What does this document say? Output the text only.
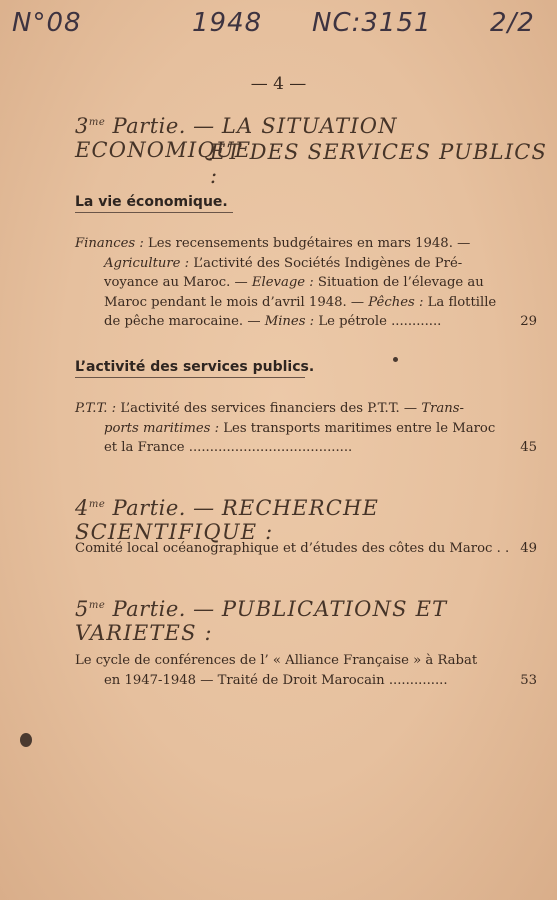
N°08	1948 NC:3151 2/2
— 4 —
$3^{me}$ Partie. — LA SITUATION ECONOMIQUE
ET DES SERVICES PUBLICS :
La vie économique.
Finances : Les recensements budgétaires en mars 1948. —
Agriculture : L’activité des Sociétés Indigènes de Pré-
voyance au Maroc. — Elevage : Situation de l’élevage au
Maroc pendant le mois d’avril 1948. — Pêches : La flottille
de pêche marocaine. — Mines : Le pétrole ............	29
L’activité des services publics.
P.T.T. : L’activité des services financiers des P.T.T. — Trans-
ports maritimes : Les transports maritimes entre le Maroc
et la France .......................................	45
$4^{me}$ Partie. — RECHERCHE SCIENTIFIQUE :
Comité local océanographique et d’études des côtes du Maroc . . 49
$5^{me}$ Partie. — PUBLICATIONS ET VARIETES :
Le cycle de conférences de l’ « Alliance Française » à Rabat
en 1947-1948 — Traité de Droit Marocain ..............	53
